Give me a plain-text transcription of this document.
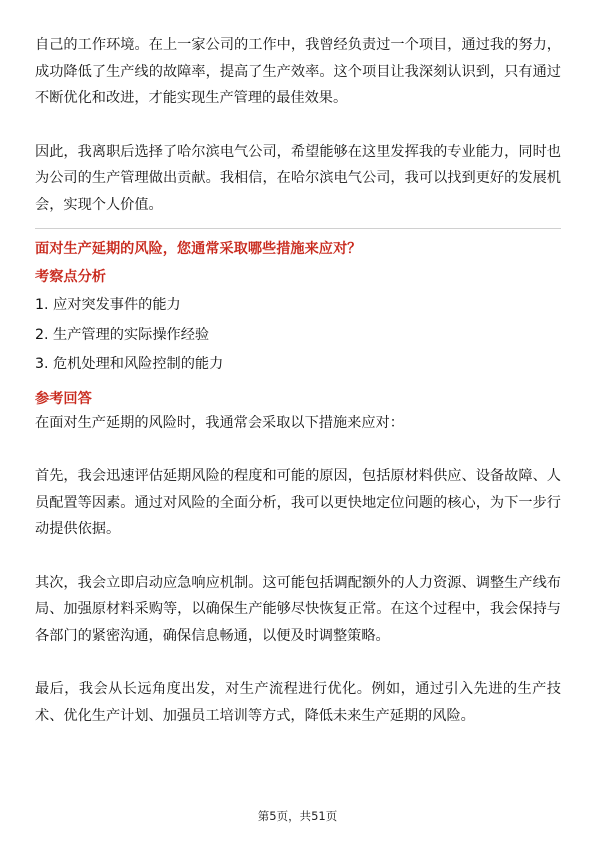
自己的工作环境。在上一家公司的工作中，我曾经负责过一个项目，通过我的努力，成功降低了生产线的故障率，提高了生产效率。这个项目让我深刻认识到，只有通过不断优化和改进，才能实现生产管理的最佳效果。

因此，我离职后选择了哈尔滨电气公司，希望能够在这里发挥我的专业能力，同时也为公司的生产管理做出贡献。我相信，在哈尔滨电气公司，我可以找到更好的发展机会，实现个人价值。

面对生产延期的风险，您通常采取哪些措施来应对？

考察点分析

1. 应对突发事件的能力
2. 生产管理的实际操作经验
3. 危机处理和风险控制的能力

参考回答

在面对生产延期的风险时，我通常会采取以下措施来应对：

首先，我会迅速评估延期风险的程度和可能的原因，包括原材料供应、设备故障、人员配置等因素。通过对风险的全面分析，我可以更快地定位问题的核心，为下一步行动提供依据。

其次，我会立即启动应急响应机制。这可能包括调配额外的人力资源、调整生产线布局、加强原材料采购等，以确保生产能够尽快恢复正常。在这个过程中，我会保持与各部门的紧密沟通，确保信息畅通，以便及时调整策略。

最后，我会从长远角度出发，对生产流程进行优化。例如，通过引入先进的生产技术、优化生产计划、加强员工培训等方式，降低未来生产延期的风险。

第5页，共51页
